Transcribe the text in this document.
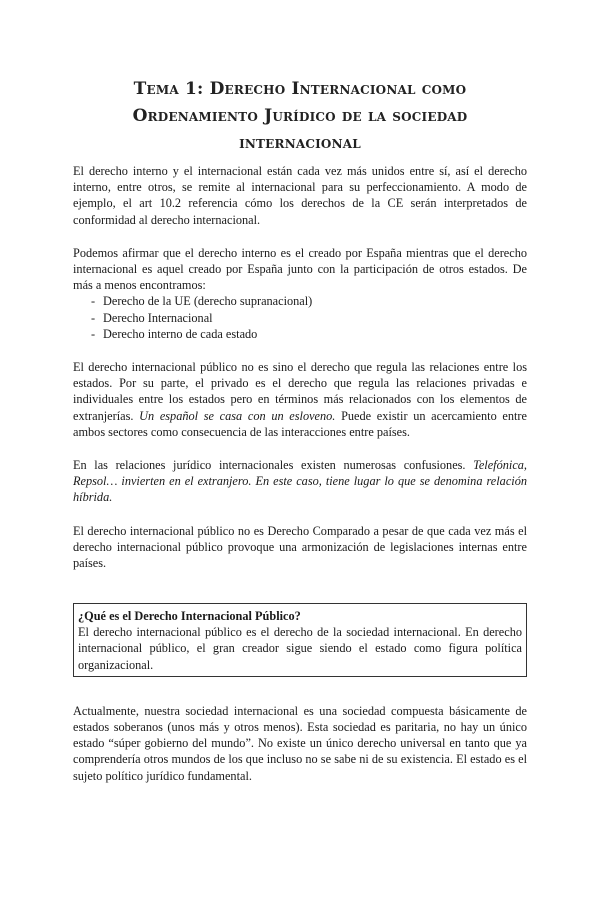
Tema 1: Derecho Internacional como Ordenamiento Jurídico de la sociedad internacional

El derecho interno y el internacional están cada vez más unidos entre sí, así el derecho interno, entre otros, se remite al internacional para su perfeccionamiento. A modo de ejemplo, el art 10.2 referencia cómo los derechos de la CE serán interpretados de conformidad al derecho internacional.

Podemos afirmar que el derecho interno es el creado por España mientras que el derecho internacional es aquel creado por España junto con la participación de otros estados. De más a menos encontramos:

- Derecho de la UE (derecho supranacional)
- Derecho Internacional
- Derecho interno de cada estado

El derecho internacional público no es sino el derecho que regula las relaciones entre los estados. Por su parte, el privado es el derecho que regula las relaciones privadas e individuales entre los estados pero en términos más relacionados con los elementos de extranjerías. Un español se casa con un esloveno. Puede existir un acercamiento entre ambos sectores como consecuencia de las interacciones entre países.

En las relaciones jurídico internacionales existen numerosas confusiones. Telefónica, Repsol… invierten en el extranjero. En este caso, tiene lugar lo que se denomina relación híbrida.

El derecho internacional público no es Derecho Comparado a pesar de que cada vez más el derecho internacional público provoque una armonización de legislaciones internas entre países.

¿Qué es el Derecho Internacional Público?

El derecho internacional público es el derecho de la sociedad internacional. En derecho internacional público, el gran creador sigue siendo el estado como figura política organizacional.

Actualmente, nuestra sociedad internacional es una sociedad compuesta básicamente de estados soberanos (unos más y otros menos). Esta sociedad es paritaria, no hay un único estado “súper gobierno del mundo”. No existe un único derecho universal en tanto que ya comprendería otros mundos de los que incluso no se sabe ni de su existencia. El estado es el sujeto político jurídico fundamental.
